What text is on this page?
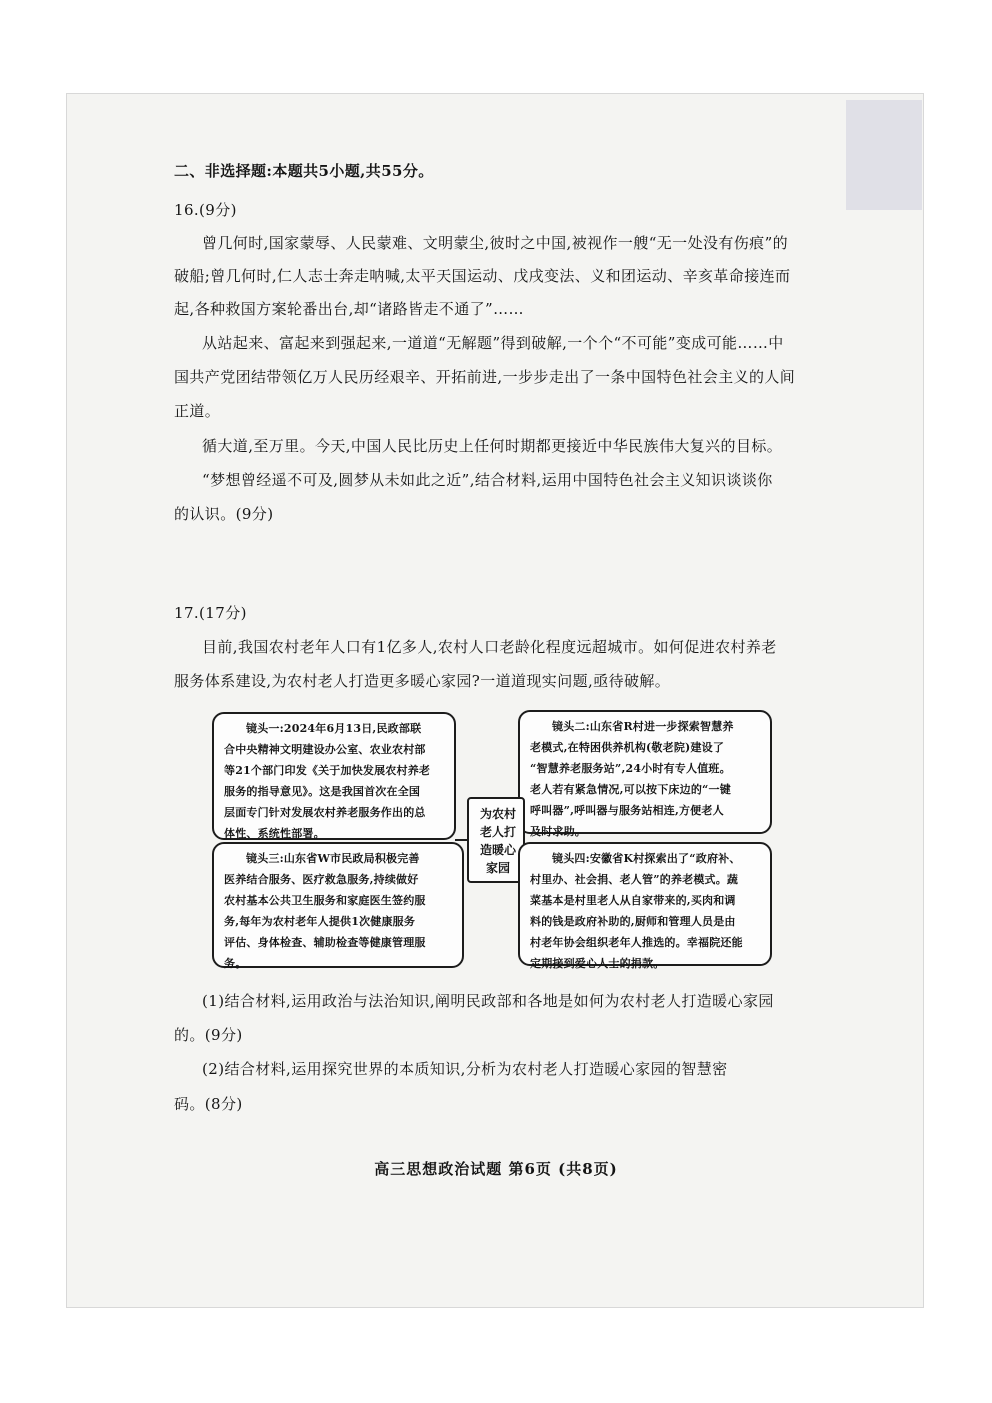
二、非选择题:本题共5小题,共55分。
16.(9分)
曾几何时,国家蒙辱、人民蒙难、文明蒙尘,彼时之中国,被视作一艘“无一处没有伤痕”的
破船;曾几何时,仁人志士奔走呐喊,太平天国运动、戊戌变法、义和团运动、辛亥革命接连而
起,各种救国方案轮番出台,却“诸路皆走不通了”……
从站起来、富起来到强起来,一道道“无解题”得到破解,一个个“不可能”变成可能……中
国共产党团结带领亿万人民历经艰辛、开拓前进,一步步走出了一条中国特色社会主义的人间
正道。
循大道,至万里。今天,中国人民比历史上任何时期都更接近中华民族伟大复兴的目标。
“梦想曾经遥不可及,圆梦从未如此之近”,结合材料,运用中国特色社会主义知识谈谈你
的认识。(9分)
17.(17分)
目前,我国农村老年人口有1亿多人,农村人口老龄化程度远超城市。如何促进农村养老
服务体系建设,为农村老人打造更多暖心家园?一道道现实问题,亟待破解。
镜头一:2024年6月13日,民政部联
合中央精神文明建设办公室、农业农村部
等21个部门印发《关于加快发展农村养老
服务的指导意见》。这是我国首次在全国
层面专门针对发展农村养老服务作出的总
体性、系统性部署。
镜头二:山东省R村进一步探索智慧养
老模式,在特困供养机构(敬老院)建设了
“智慧养老服务站”,24小时有专人值班。
老人若有紧急情况,可以按下床边的“一键
呼叫器”,呼叫器与服务站相连,方便老人
及时求助。
为农村
老人打
造暖心
家园
镜头三:山东省W市民政局积极完善
医养结合服务、医疗救急服务,持续做好
农村基本公共卫生服务和家庭医生签约服
务,每年为农村老年人提供1次健康服务
评估、身体检查、辅助检查等健康管理服
务。
镜头四:安徽省K村探索出了“政府补、
村里办、社会捐、老人管”的养老模式。蔬
菜基本是村里老人从自家带来的,买肉和调
料的钱是政府补助的,厨师和管理人员是由
村老年协会组织老年人推选的。幸福院还能
定期接到爱心人士的捐款。
(1)结合材料,运用政治与法治知识,阐明民政部和各地是如何为农村老人打造暖心家园
的。(9分)
(2)结合材料,运用探究世界的本质知识,分析为农村老人打造暖心家园的智慧密
码。(8分)
高三思想政治试题 第6页 (共8页)
